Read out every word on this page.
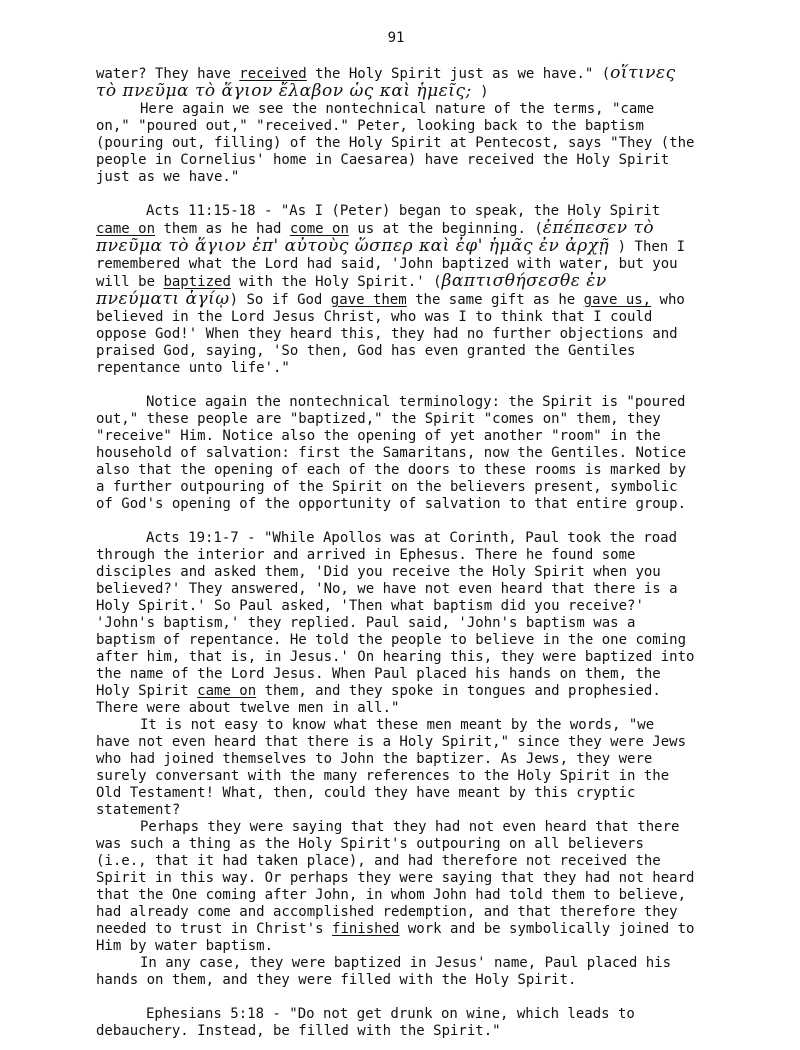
91

water? They have received the Holy Spirit just as we have." (οἵτινες τὸ πνεῦμα τὸ ἅγιον ἔλαβον ὡς καὶ ἡμεῖς; )

Here again we see the nontechnical nature of the terms, "came on," "poured out," "received." Peter, looking back to the baptism (pouring out, filling) of the Holy Spirit at Pentecost, says "They (the people in Cornelius' home in Caesarea) have received the Holy Spirit just as we have."

Acts 11:15-18 - "As I (Peter) began to speak, the Holy Spirit came on them as he had come on us at the beginning. (ἐπέπεσεν τὸ πνεῦμα τὸ ἅγιον ἐπ' αὐτοὺς ὥσπερ καὶ ἐφ' ἡμᾶς ἐν ἀρχῇ ) Then I remembered what the Lord had said, 'John baptized with water, but you will be baptized with the Holy Spirit.' (βαπτισθήσεσθε ἐν πνεύματι ἁγίῳ) So if God gave them the same gift as he gave us, who believed in the Lord Jesus Christ, who was I to think that I could oppose God!' When they heard this, they had no further objections and praised God, saying, 'So then, God has even granted the Gentiles repentance unto life'."

Notice again the nontechnical terminology: the Spirit is "poured out," these people are "baptized," the Spirit "comes on" them, they "receive" Him. Notice also the opening of yet another "room" in the household of salvation: first the Samaritans, now the Gentiles. Notice also that the opening of each of the doors to these rooms is marked by a further outpouring of the Spirit on the believers present, symbolic of God's opening of the opportunity of salvation to that entire group.

Acts 19:1-7 - "While Apollos was at Corinth, Paul took the road through the interior and arrived in Ephesus. There he found some disciples and asked them, 'Did you receive the Holy Spirit when you believed?' They answered, 'No, we have not even heard that there is a Holy Spirit.' So Paul asked, 'Then what baptism did you receive?' 'John's baptism,' they replied. Paul said, 'John's baptism was a baptism of repentance. He told the people to believe in the one coming after him, that is, in Jesus.' On hearing this, they were baptized into the name of the Lord Jesus. When Paul placed his hands on them, the Holy Spirit came on them, and they spoke in tongues and prophesied. There were about twelve men in all."

It is not easy to know what these men meant by the words, "we have not even heard that there is a Holy Spirit," since they were Jews who had joined themselves to John the baptizer. As Jews, they were surely conversant with the many references to the Holy Spirit in the Old Testament! What, then, could they have meant by this cryptic statement?

Perhaps they were saying that they had not even heard that there was such a thing as the Holy Spirit's outpouring on all believers (i.e., that it had taken place), and had therefore not received the Spirit in this way. Or perhaps they were saying that they had not heard that the One coming after John, in whom John had told them to believe, had already come and accomplished redemption, and that therefore they needed to trust in Christ's finished work and be symbolically joined to Him by water baptism.

In any case, they were baptized in Jesus' name, Paul placed his hands on them, and they were filled with the Holy Spirit.

Ephesians 5:18 - "Do not get drunk on wine, which leads to debauchery. Instead, be filled with the Spirit."
